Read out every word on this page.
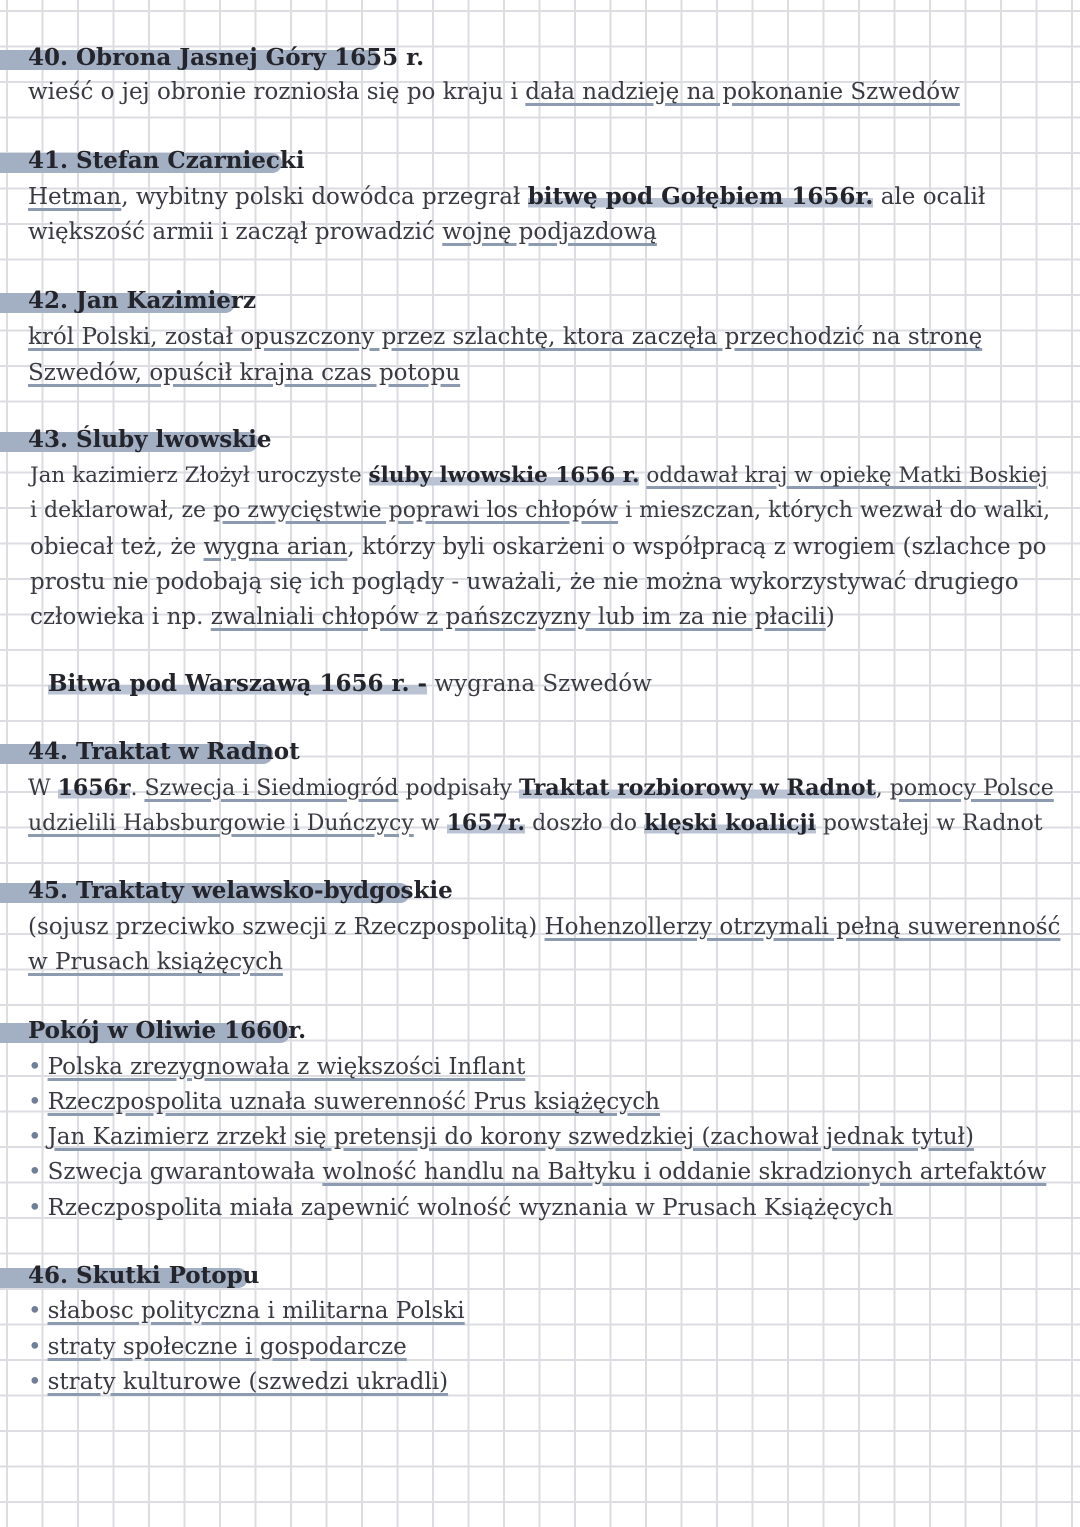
40. Obrona Jasnej Góry 1655 r.
wieść o jej obronie rozniosła się po kraju i dała nadzieję na pokonanie Szwedów
41. Stefan Czarniecki
Hetman, wybitny polski dowódca przegrał bitwę pod Gołębiem 1656r. ale ocalił
większość armii i zaczął prowadzić wojnę podjazdową
42. Jan Kazimierz
król Polski, został opuszczony przez szlachtę, ktora zaczęła przechodzić na stronę
Szwedów, opuścił krajna czas potopu
43. Śluby lwowskie
Jan kazimierz Złożył uroczyste śluby lwowskie 1656 r. oddawał kraj w opiekę Matki Boskiej
i deklarował, ze po zwycięstwie poprawi los chłopów i mieszczan, których wezwał do walki,
obiecał też, że wygna arian, którzy byli oskarżeni o współpracą z wrogiem (szlachce po
prostu nie podobają się ich poglądy - uważali, że nie można wykorzystywać drugiego
człowieka i np. zwalniali chłopów z pańszczyzny lub im za nie płacili)
Bitwa pod Warszawą 1656 r. - wygrana Szwedów
44. Traktat w Radnot
W 1656r. Szwecja i Siedmiogród podpisały Traktat rozbiorowy w Radnot, pomocy Polsce
udzielili Habsburgowie i Duńczycy w 1657r. doszło do klęski koalicji powstałej w Radnot
45. Traktaty welawsko-bydgoskie
(sojusz przeciwko szwecji z Rzeczpospolitą) Hohenzollerzy otrzymali pełną suwerenność
w Prusach książęcych
Pokój w Oliwie 1660r.
• Polska zrezygnowała z większości Inflant
• Rzeczpospolita uznała suwerenność Prus książęcych
• Jan Kazimierz zrzekł się pretensji do korony szwedzkiej (zachował jednak tytuł)
• Szwecja gwarantowała wolność handlu na Bałtyku i oddanie skradzionych artefaktów
• Rzeczpospolita miała zapewnić wolność wyznania w Prusach Książęcych
46. Skutki Potopu
• słabosc polityczna i militarna Polski
• straty społeczne i gospodarcze
• straty kulturowe (szwedzi ukradli)
